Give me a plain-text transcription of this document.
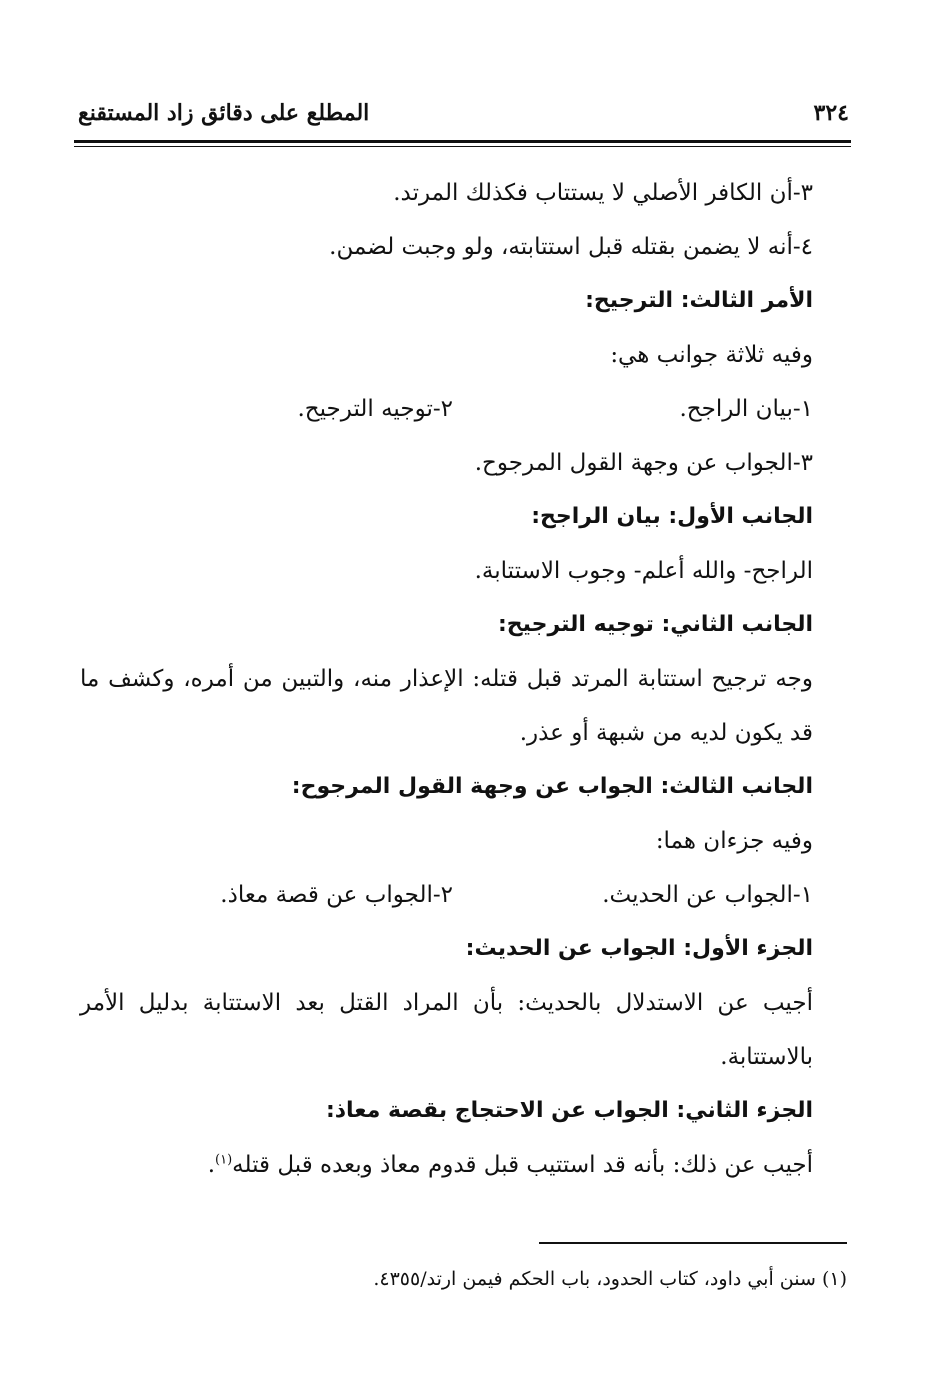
المطلع على دقائق زاد المستقنع	٣٢٤
٣-أن الكافر الأصلي لا يستتاب فكذلك المرتد.
٤-أنه لا يضمن بقتله قبل استتابته، ولو وجبت لضمن.
الأمر الثالث: الترجيح:
وفيه ثلاثة جوانب هي:
١-بيان الراجح.
٢-توجيه الترجيح.
٣-الجواب عن وجهة القول المرجوح.
الجانب الأول: بيان الراجح:
الراجح- والله أعلم- وجوب الاستتابة.
الجانب الثاني: توجيه الترجيح:
وجه ترجيح استتابة المرتد قبل قتله: الإعذار منه، والتبين من أمره، وكشف ما قد يكون لديه من شبهة أو عذر.
الجانب الثالث: الجواب عن وجهة القول المرجوح:
وفيه جزءان هما:
١-الجواب عن الحديث.
٢-الجواب عن قصة معاذ.
الجزء الأول: الجواب عن الحديث:
أجيب عن الاستدلال بالحديث: بأن المراد القتل بعد الاستتابة بدليل الأمر بالاستتابة.
الجزء الثاني: الجواب عن الاحتجاج بقصة معاذ:
أجيب عن ذلك: بأنه قد استتيب قبل قدوم معاذ وبعده قبل قتله$^{(١)}$.
(١) سنن أبي داود، كتاب الحدود، باب الحكم فيمن ارتد/٤٣٥٥.
